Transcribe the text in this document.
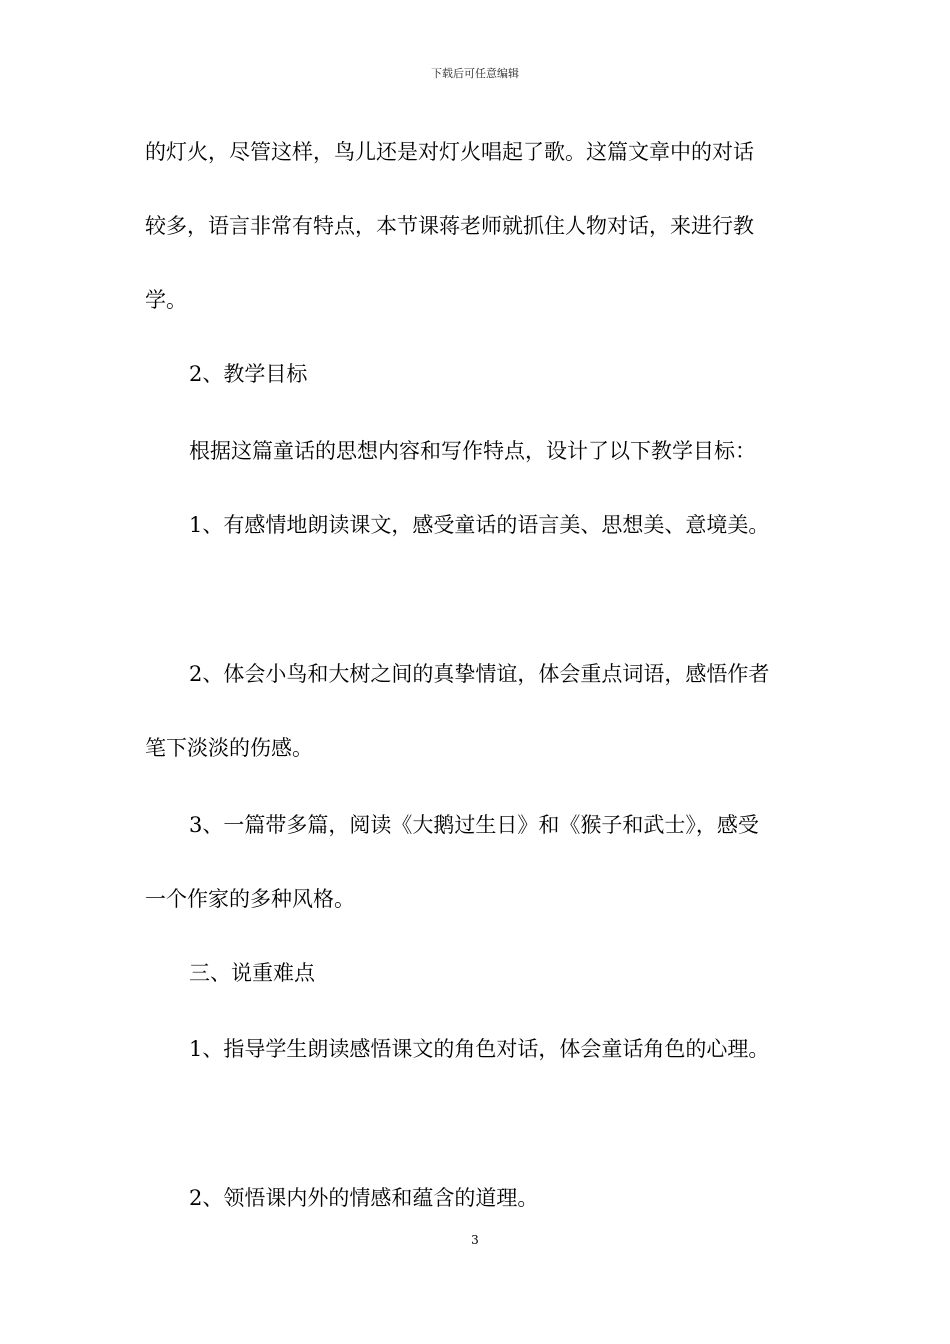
下载后可任意编辑
的灯火，尽管这样，鸟儿还是对灯火唱起了歌。这篇文章中的对话
较多，语言非常有特点，本节课蒋老师就抓住人物对话，来进行教
学。
2、教学目标
根据这篇童话的思想内容和写作特点，设计了以下教学目标：
1、有感情地朗读课文，感受童话的语言美、思想美、意境美。
2、体会小鸟和大树之间的真挚情谊，体会重点词语，感悟作者
笔下淡淡的伤感。
3、一篇带多篇，阅读《大鹅过生日》和《猴子和武士》，感受
一个作家的多种风格。
三、说重难点
1、指导学生朗读感悟课文的角色对话，体会童话角色的心理。
2、领悟课内外的情感和蕴含的道理。
3
